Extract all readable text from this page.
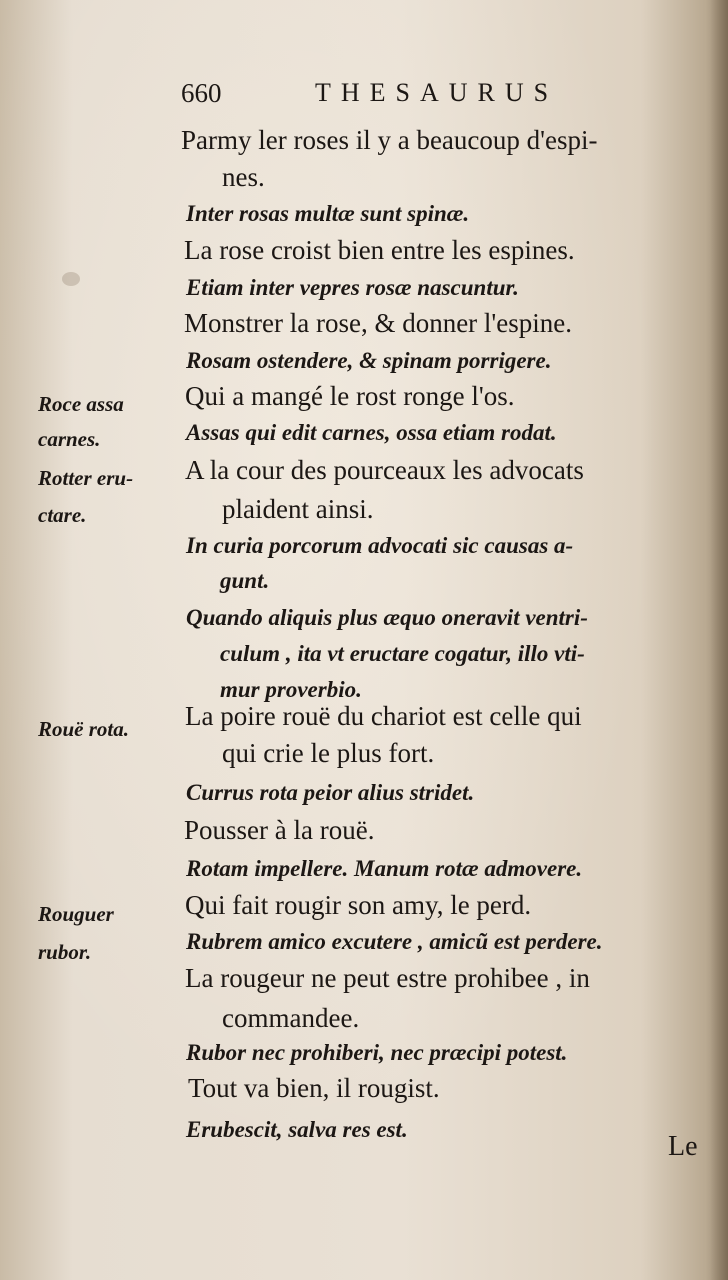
660	THESAURUS
Parmy ler roses il y a beaucoup d'espi-
nes.
Inter rosas multæ sunt spinæ.
La rose croist bien entre les espines.
Etiam inter vepres rosæ nascuntur.
Monstrer la rose, & donner l'espine.
Rosam ostendere, & spinam porrigere.
Qui a mangé le rost ronge l'os.
Assas qui edit carnes, ossa etiam rodat.
A la cour des pourceaux les advocats
plaident ainsi.
In curia porcorum advocati sic causas a-
gunt.
Quando aliquis plus æquo oneravit ventri-
culum , ita vt eructare cogatur, illo vti-
mur proverbio.
La poire rouë du chariot est celle qui
qui crie le plus fort.
Currus rota peior alius stridet.
Pousser à la rouë.
Rotam impellere. Manum rotæ admovere.
Qui fait rougir son amy, le perd.
Rubrem amico excutere , amicũ est perdere.
La rougeur ne peut estre prohibee , in
commandee.
Rubor nec prohiberi, nec præcipi potest.
Tout va bien, il rougist.
Erubescit, salva res est.
Roce assa
carnes.
Rotter eru-
ctare.
Rouë rota.
Rouguer
rubor.
Le
